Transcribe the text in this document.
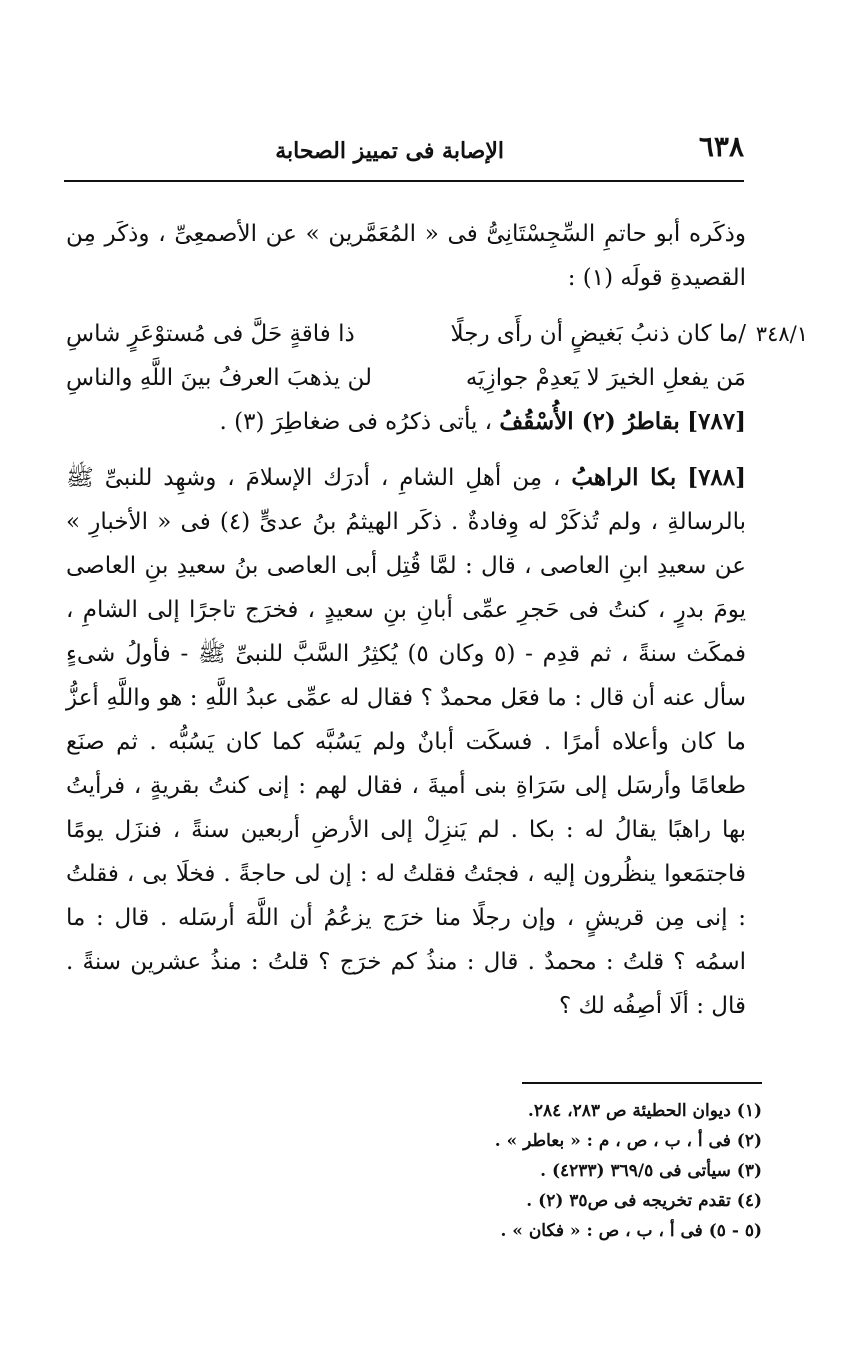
٦٣٨
الإصابة فى تمييز الصحابة

وذكَره أبو حاتمِ السِّجِسْتَانِىُّ فى « المُعَمَّرين » عن الأصمعِىِّ ، وذكَر مِن القصيدةِ قولَه (١) :

٣٤٨/١
/ما كان ذنبُ بَغيضٍ أن رأَى رجلًا
ذا فاقةٍ حَلَّ فى مُستوْعَرٍ شاسِ
مَن يفعلِ الخيرَ لا يَعدِمْ جوازِيَه
لن يذهبَ العرفُ بينَ اللَّهِ والناسِ

[٧٨٧] بقاطرُ (٢) الأُسْقُفُ ، يأتى ذكرُه فى ضغاطِرَ (٣) .

[٧٨٨] بكا الراهبُ ، مِن أهلِ الشامِ ، أدرَك الإسلامَ ، وشهِد للنبىِّ ﷺ بالرسالةِ ، ولم تُذكَرْ له وِفادةٌ . ذكَر الهيثمُ بنُ عدىٍّ (٤) فى « الأخبارِ » عن سعيدِ ابنِ العاصى ، قال : لمَّا قُتِل أبى العاصى بنُ سعيدِ بنِ العاصى يومَ بدرٍ ، كنتُ فى حَجرِ عمِّى أبانِ بنِ سعيدٍ ، فخرَج تاجرًا إلى الشامِ ، فمكَث سنةً ، ثم قدِم - (٥ وكان ٥) يُكثِرُ السَّبَّ للنبىِّ ﷺ - فأولُ شىءٍ سأل عنه أن قال : ما فعَل محمدٌ ؟ فقال له عمِّى عبدُ اللَّهِ : هو واللَّهِ أعزُّ ما كان وأعلاه أمرًا . فسكَت أبانٌ ولم يَسُبَّه كما كان يَسُبُّه . ثم صنَع طعامًا وأرسَل إلى سَرَاةِ بنى أميةَ ، فقال لهم : إنى كنتُ بقريةٍ ، فرأيتُ بها راهبًا يقالُ له : بكا . لم يَنزِلْ إلى الأرضِ أربعين سنةً ، فنزَل يومًا فاجتمَعوا ينظُرون إليه ، فجئتُ فقلتُ له : إن لى حاجةً . فخلَا بى ، فقلتُ : إنى مِن قريشٍ ، وإن رجلًا منا خرَج يزعُمُ أن اللَّهَ أرسَله . قال : ما اسمُه ؟ قلتُ : محمدٌ . قال : منذُ كم خرَج ؟ قلتُ : منذُ عشرين سنةً . قال : ألَا أصِفُه لك ؟

(١) ديوان الحطيئة ص ٢٨٣، ٢٨٤.

(٢) فى أ ، ب ، ص ، م : « بعاطر » .

(٣) سيأتى فى ٣٦٩/٥ (٤٢٣٣) .

(٤) تقدم تخريجه فى ص٣٥ (٢) .

(٥ - ٥) فى أ ، ب ، ص : « فكان » .
